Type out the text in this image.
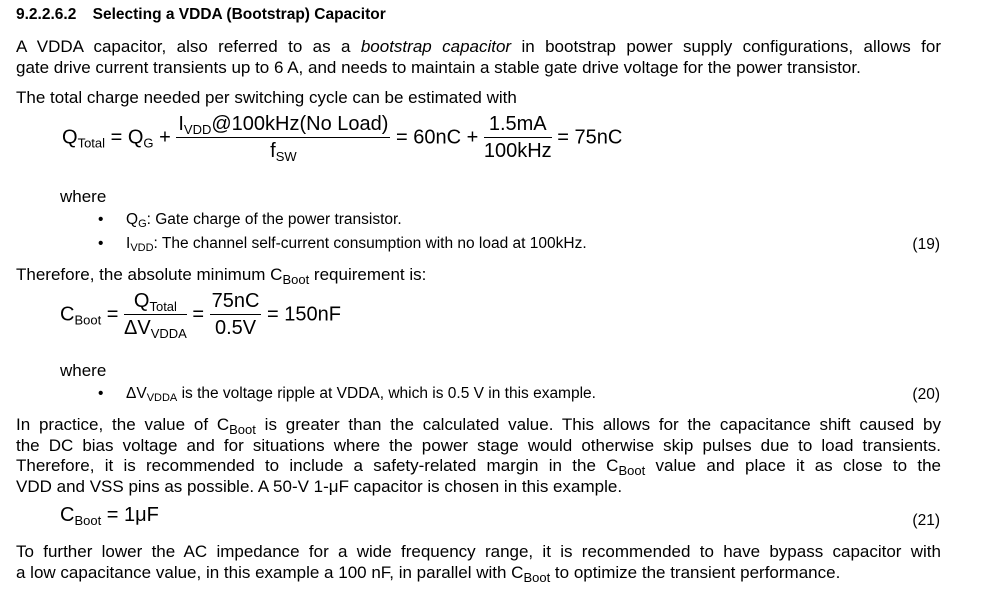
9.2.2.6.2 Selecting a VDDA (Bootstrap) Capacitor
A VDDA capacitor, also referred to as a bootstrap capacitor in bootstrap power supply configurations, allows for
gate drive current transients up to 6 A, and needs to maintain a stable gate drive voltage for the power transistor.
The total charge needed per switching cycle can be estimated with
$Q_{Total} = Q_G + \frac{I_{VDD}@100kHz(No Load)}{f_{SW}} = 60nC + \frac{1.5mA}{\text{100kHz}} = 75nC$
where
• $Q_G$: Gate charge of the power transistor.
• $I_{VDD}$: The channel self-current consumption with no load at 100kHz.	(19)
Therefore, the absolute minimum $C_{Boot}$ requirement is:
$C_{Boot} = \frac{Q_{Total}}{\Delta V_{VDDA}} = \frac{75nC}{0.5V} = 150nF$
where
• $\Delta V_{VDDA}$ is the voltage ripple at VDDA, which is 0.5 V in this example.	(20)
In practice, the value of $C_{Boot}$ is greater than the calculated value. This allows for the capacitance shift caused by
the DC bias voltage and for situations where the power stage would otherwise skip pulses due to load transients.
Therefore, it is recommended to include a safety-related margin in the $C_{Boot}$ value and place it as close to the
VDD and VSS pins as possible. A 50-V 1-μF capacitor is chosen in this example.
$C_{Boot} = 1\mu F$	(21)
To further lower the AC impedance for a wide frequency range, it is recommended to have bypass capacitor with
a low capacitance value, in this example a 100 nF, in parallel with $C_{Boot}$ to optimize the transient performance.
